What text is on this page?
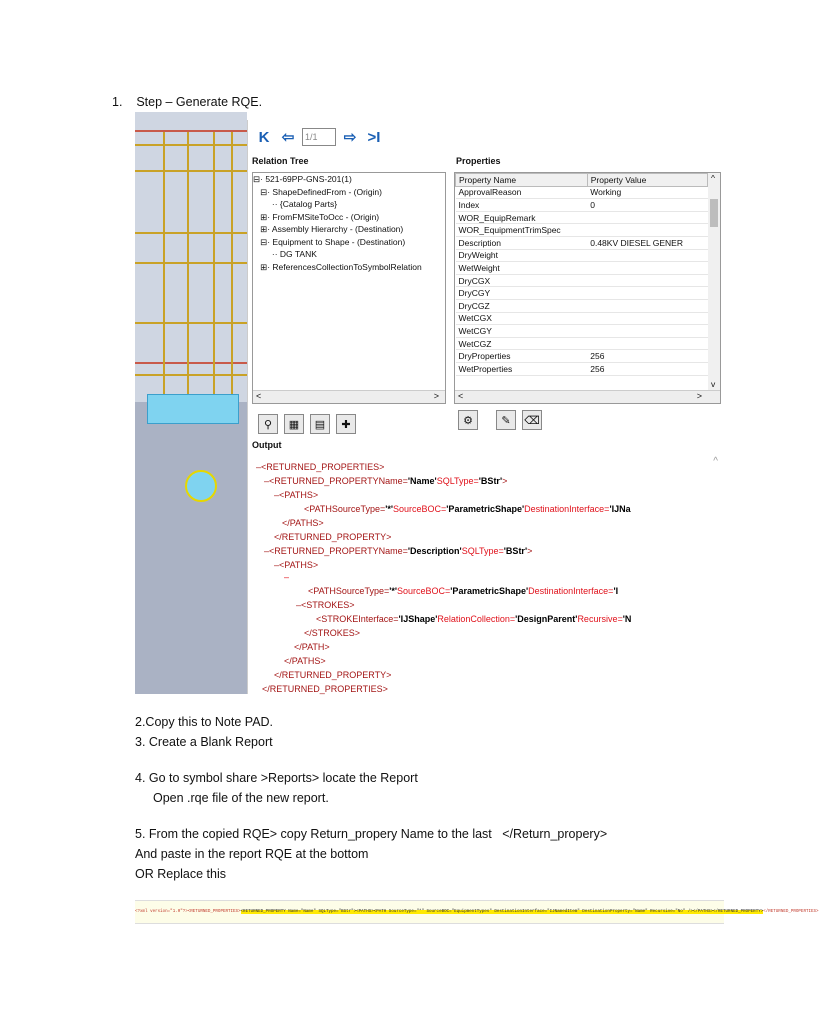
1.    Step – Generate RQE.
K ⇦	1/1	⇨ >I
Relation Tree	Properties
⊟· 521-69PP-GNS-201(1)
⊟· ShapeDefinedFrom - (Origin)
·· {Catalog Parts}
⊞· FromFMSiteToOcc - (Origin)
⊞· Assembly Hierarchy - (Destination)
⊟· Equipment to Shape - (Destination)
·· DG TANK
⊞· ReferencesCollectionToSymbolRelation
<	>
Property Name	Property Value
ApprovalReason	Working
Index	0
WOR_EquipRemark	
WOR_EquipmentTrimSpec	
Description	0.48KV DIESEL GENER
DryWeight	
WetWeight	
DryCGX	
DryCGY	
DryCGZ	
WetCGX	
WetCGY	
WetCGZ	
DryProperties	256
WetProperties	256
^
v
<	>
⚲	▦	▤	✚	⚙	✎	⌫
Output
^
–<RETURNED_PROPERTIES>
–<RETURNED_PROPERTYName='Name'SQLType='BStr'>
–<PATHS>
<PATHSourceType='*'SourceBOC='ParametricShape'DestinationInterface='IJNa
</PATHS>
</RETURNED_PROPERTY>
–<RETURNED_PROPERTYName='Description'SQLType='BStr'>
–<PATHS>
–
<PATHSourceType='*'SourceBOC='ParametricShape'DestinationInterface='I
–<STROKES>
<STROKEInterface='IJShape'RelationCollection='DesignParent'Recursive='N
</STROKES>
</PATH>
</PATHS>
</RETURNED_PROPERTY>
</RETURNED_PROPERTIES>
2.Copy this to Note PAD.
3. Create a Blank Report
4. Go to symbol share >Reports> locate the Report
Open .rqe file of the new report.
5. From the copied RQE> copy Return_propery Name to the last   </Return_propery>
And paste in the report RQE at the bottom
OR Replace this
<?xml version="1.0"?><RETURNED_PROPERTIES><RETURNED_PROPERTY Name="Name" SQLType="BStr"><PATHS><PATH SourceType="*" SourceBOC="EquipmentTypes" DestinationInterface="IJNamedItem" DestinationProperty="Name" Recursive="No" /></PATHS></RETURNED_PROPERTY></RETURNED_PROPERTIES>
